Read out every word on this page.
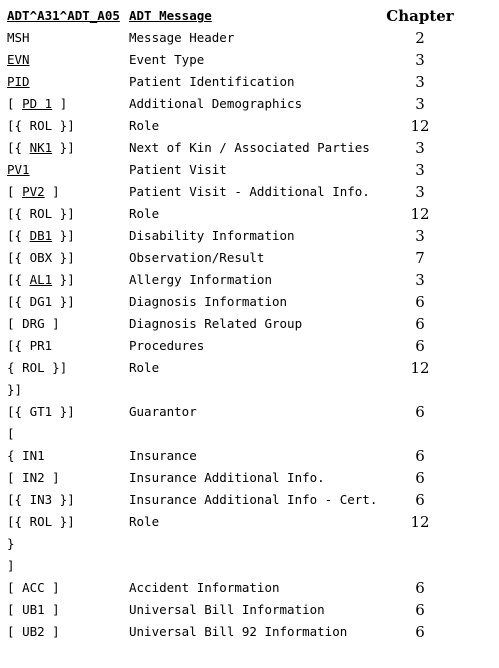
ADT^A31^ADT_A05 ADT Message	Chapter
MSH	Message Header	2
EVN	Event Type	3
PID	Patient Identification	3
[ PD 1 ]	Additional Demographics	3
[{ ROL }]	Role	12
[{ NK1 }]	Next of Kin / Associated Parties	3
PV1	Patient Visit	3
[ PV2 ]	Patient Visit - Additional Info.	3
[{ ROL }]	Role	12
[{ DB1 }]	Disability Information	3
[{ OBX }]	Observation/Result	7
[{ AL1 }]	Allergy Information	3
[{ DG1 }]	Diagnosis Information	6
[ DRG ]	Diagnosis Related Group	6
[{ PR1	Procedures	6
{ ROL }]	Role	12
}]
[{ GT1 }]	Guarantor	6
[
{ IN1	Insurance	6
[ IN2 ]	Insurance Additional Info.	6
[{ IN3 }]	Insurance Additional Info - Cert.	6
[{ ROL }]	Role	12
}
]
[ ACC ]	Accident Information	6
[ UB1 ]	Universal Bill Information	6
[ UB2 ]	Universal Bill 92 Information	6
